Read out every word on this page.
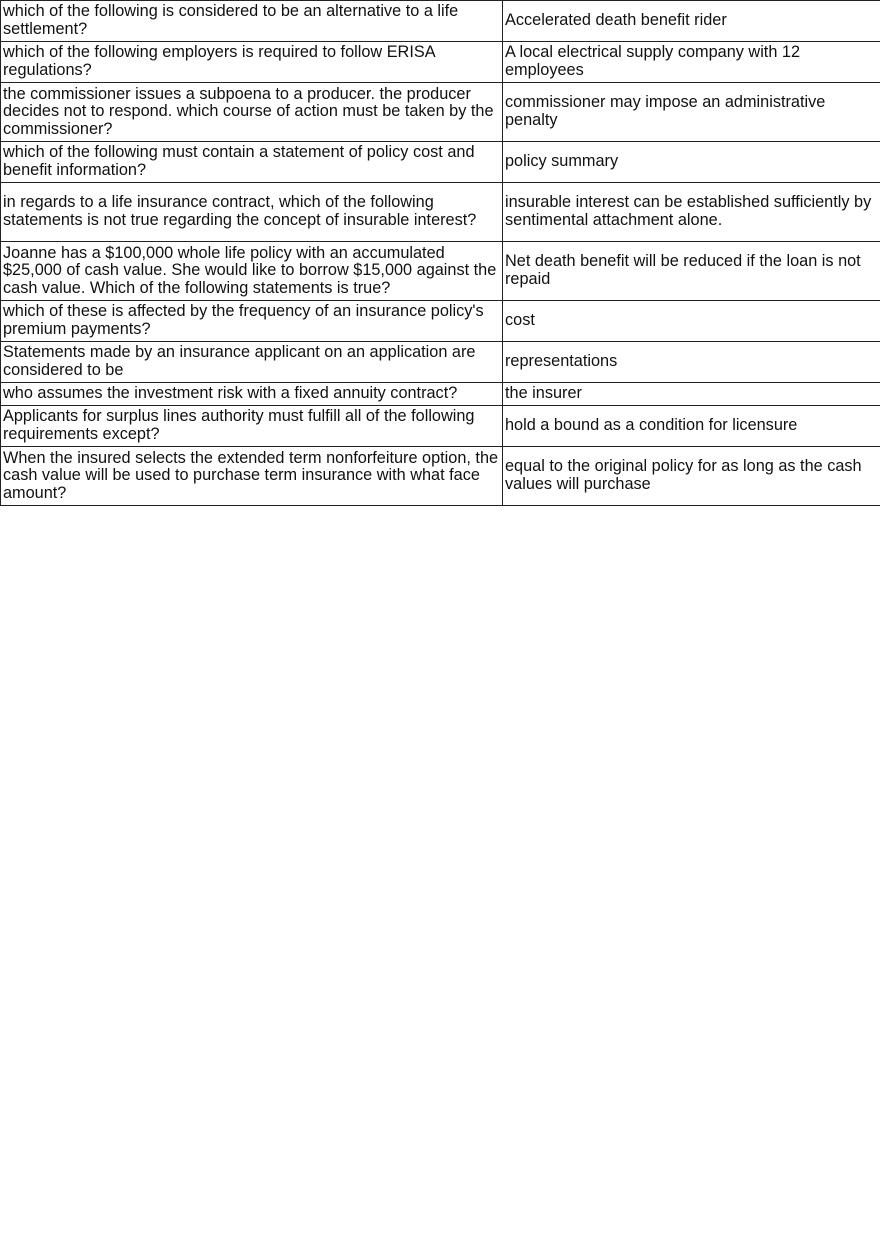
which of the following is considered to be an alternative to a life settlement?	Accelerated death benefit rider
which of the following employers is required to follow ERISA regulations?	A local electrical supply company with 12 employees
the commissioner issues a subpoena to a producer. the producer decides not to respond. which course of action must be taken by the commissioner?	commissioner may impose an administrative penalty
which of the following must contain a statement of policy cost and benefit information?	policy summary
in regards to a life insurance contract, which of the following statements is not true regarding the concept of insurable interest?	insurable interest can be established sufficiently by sentimental attachment alone.
Joanne has a $100,000 whole life policy with an accumulated $25,000 of cash value. She would like to borrow $15,000 against the cash value. Which of the following statements is true?	Net death benefit will be reduced if the loan is not repaid
which of these is affected by the frequency of an insurance policy's premium payments?	cost
Statements made by an insurance applicant on an application are considered to be	representations
who assumes the investment risk with a fixed annuity contract?	the insurer
Applicants for surplus lines authority must fulfill all of the following requirements except?	hold a bound as a condition for licensure
When the insured selects the extended term nonforfeiture option, the cash value will be used to purchase term insurance with what face amount?	equal to the original policy for as long as the cash values will purchase
